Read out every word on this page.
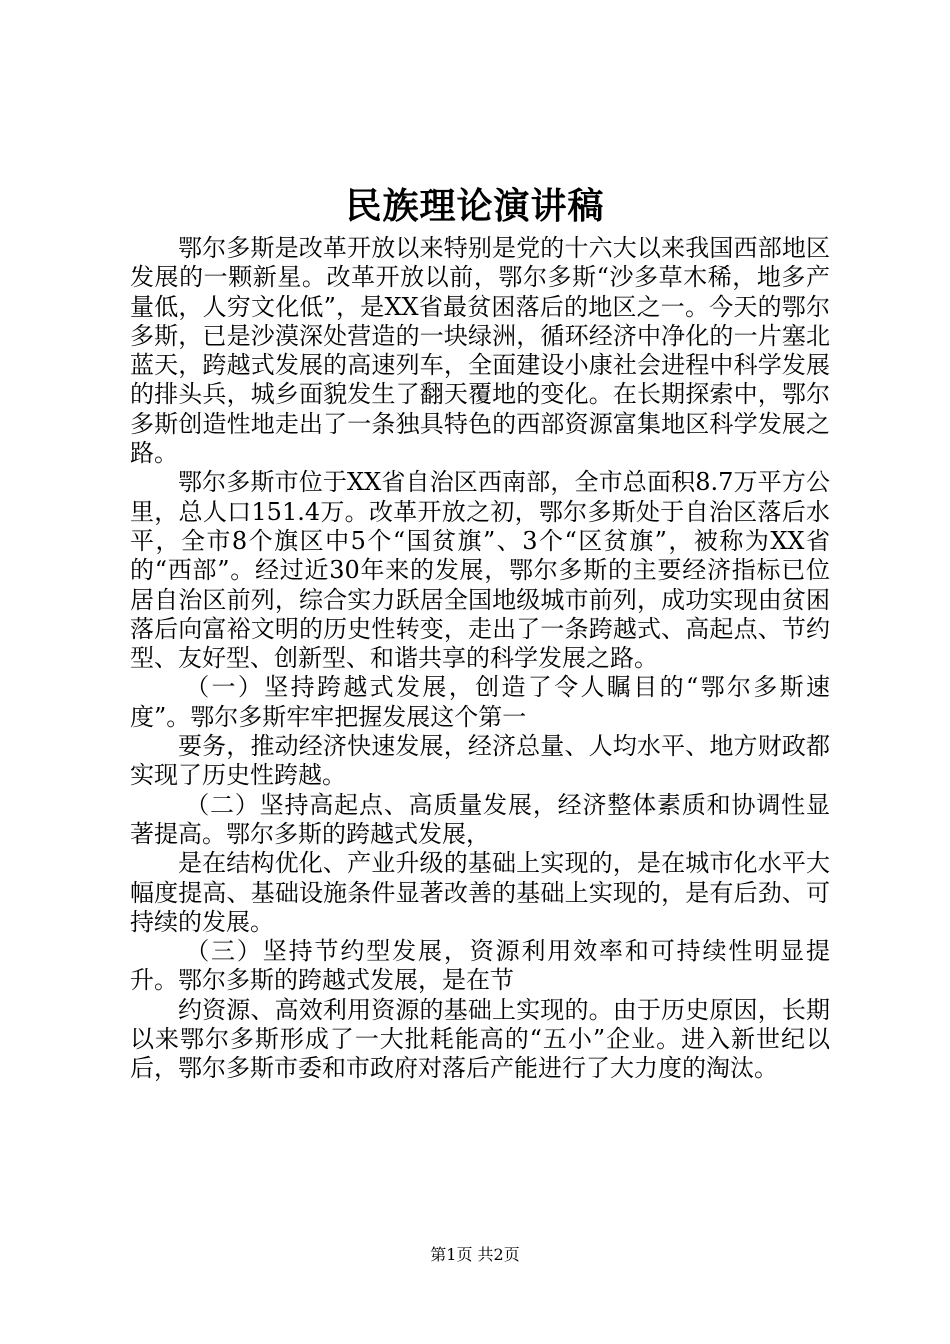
民族理论演讲稿

鄂尔多斯是改革开放以来特别是党的十六大以来我国西部地区发展的一颗新星。改革开放以前，鄂尔多斯“沙多草木稀，地多产量低，人穷文化低”，是XX省最贫困落后的地区之一。今天的鄂尔多斯，已是沙漠深处营造的一块绿洲，循环经济中净化的一片塞北蓝天，跨越式发展的高速列车，全面建设小康社会进程中科学发展的排头兵，城乡面貌发生了翻天覆地的变化。在长期探索中，鄂尔多斯创造性地走出了一条独具特色的西部资源富集地区科学发展之路。

鄂尔多斯市位于XX省自治区西南部，全市总面积8.7万平方公里，总人口151.4万。改革开放之初，鄂尔多斯处于自治区落后水平，全市8个旗区中5个“国贫旗”、3个“区贫旗”，被称为XX省的“西部”。经过近30年来的发展，鄂尔多斯的主要经济指标已位居自治区前列，综合实力跃居全国地级城市前列，成功实现由贫困落后向富裕文明的历史性转变，走出了一条跨越式、高起点、节约型、友好型、创新型、和谐共享的科学发展之路。

（一）坚持跨越式发展，创造了令人瞩目的“鄂尔多斯速度”。鄂尔多斯牢牢把握发展这个第一

要务，推动经济快速发展，经济总量、人均水平、地方财政都实现了历史性跨越。

（二）坚持高起点、高质量发展，经济整体素质和协调性显著提高。鄂尔多斯的跨越式发展，

是在结构优化、产业升级的基础上实现的，是在城市化水平大幅度提高、基础设施条件显著改善的基础上实现的，是有后劲、可持续的发展。

（三）坚持节约型发展，资源利用效率和可持续性明显提升。鄂尔多斯的跨越式发展，是在节

约资源、高效利用资源的基础上实现的。由于历史原因，长期以来鄂尔多斯形成了一大批耗能高的“五小”企业。进入新世纪以后，鄂尔多斯市委和市政府对落后产能进行了大力度的淘汰。

第1页 共2页
